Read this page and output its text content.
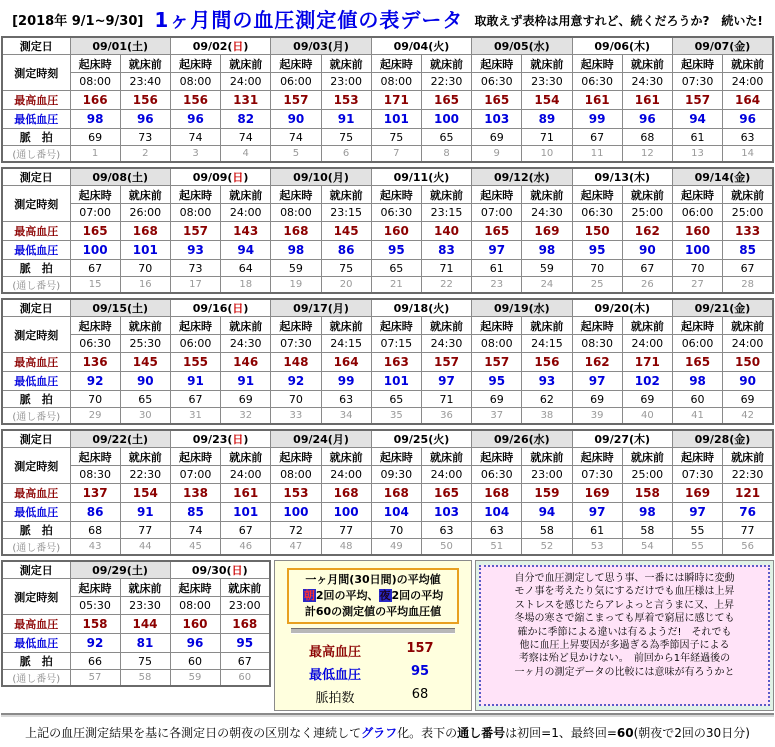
[2018年 9/1~9/30] 1ヶ月間の血圧測定値の表データ 取敢えず表枠は用意すれど、続くだろうか?　続いた!
測定日	09/01(土)		09/02(日)		09/03(月)		09/04(火)		09/05(水)		09/06(木)		09/07(金)	
測定時刻	起床時	就床前	起床時	就床前	起床時	就床前	起床時	就床前	起床時	就床前	起床時	就床前	起床時	就床前
	08:00	23:40	08:00	24:00	06:00	23:00	08:00	22:30	06:30	23:30	06:30	24:30	07:30	24:00
最高血圧	166	156	156	131	157	153	171	165	165	154	161	161	157	164
最低血圧	98	96	96	82	90	91	101	100	103	89	99	96	94	96
脈　拍	69	73	74	74	74	75	75	65	69	71	67	68	61	63
(通し番号)	1	2	3	4	5	6	7	8	9	10	11	12	13	14
測定日	09/08(土)		09/09(日)		09/10(月)		09/11(火)		09/12(水)		09/13(木)		09/14(金)	
測定時刻	起床時	就床前	起床時	就床前	起床時	就床前	起床時	就床前	起床時	就床前	起床時	就床前	起床時	就床前
	07:00	26:00	08:00	24:00	08:00	23:15	06:30	23:15	07:00	24:30	06:30	25:00	06:00	25:00
最高血圧	165	168	157	143	168	145	160	140	165	169	150	162	160	133
最低血圧	100	101	93	94	98	86	95	83	97	98	95	90	100	85
脈　拍	67	70	73	64	59	75	65	71	61	59	70	67	70	67
(通し番号)	15	16	17	18	19	20	21	22	23	24	25	26	27	28
測定日	09/15(土)		09/16(日)		09/17(月)		09/18(火)		09/19(水)		09/20(木)		09/21(金)	
測定時刻	起床時	就床前	起床時	就床前	起床時	就床前	起床時	就床前	起床時	就床前	起床時	就床前	起床時	就床前
	06:30	25:30	06:00	24:30	07:30	24:15	07:15	24:30	08:00	24:15	08:30	24:00	06:00	24:00
最高血圧	136	145	155	146	148	164	163	157	157	156	162	171	165	150
最低血圧	92	90	91	91	92	99	101	97	95	93	97	102	98	90
脈　拍	70	65	67	69	70	63	65	71	69	62	69	69	60	69
(通し番号)	29	30	31	32	33	34	35	36	37	38	39	40	41	42
測定日	09/22(土)		09/23(日)		09/24(月)		09/25(火)		09/26(水)		09/27(木)		09/28(金)	
測定時刻	起床時	就床前	起床時	就床前	起床時	就床前	起床時	就床前	起床時	就床前	起床時	就床前	起床時	就床前
	08:30	22:30	07:00	24:00	08:00	24:00	09:30	24:00	06:30	23:00	07:30	25:00	07:30	22:30
最高血圧	137	154	138	161	153	168	168	165	168	159	169	158	169	121
最低血圧	86	91	85	101	100	100	104	103	104	94	97	98	97	76
脈　拍	68	77	74	67	72	77	70	63	63	58	61	58	55	77
(通し番号)	43	44	45	46	47	48	49	50	51	52	53	54	55	56
測定日	09/29(土)		09/30(日)	
測定時刻	起床時	就床前	起床時	就床前
	05:30	23:30	08:00	23:00
最高血圧	158	144	160	168
最低血圧	92	81	96	95
脈　拍	66	75	60	67
(通し番号)	57	58	59	60
一ヶ月間(30日間)の平均値
朝2回の平均、夜2回の平均
計60の測定値の平均血圧値
最高血圧	157
最低血圧	95
脈拍数	68
自分で血圧測定して思う事、一番には瞬時に変動
モノ事を考えたり気にするだけでも血圧様は上昇
ストレスを感じたらアレよっと言うまに又、上昇
冬場の寒さで縮こまっても厚着で窮屈に感じても
確かに季節による違いは有るようだ!　それでも
他に血圧上昇要因が多過ぎる為季節因子による
考察は殆ど見かけない。　前回から1年経過後の
一ヶ月の測定データの比較には意味が有ろうかと
上記の血圧測定結果を基に各測定日の朝夜の区別なく連続してグラフ化。表下の通し番号は初回=1、最終回=60(朝夜で2回の30日分)
